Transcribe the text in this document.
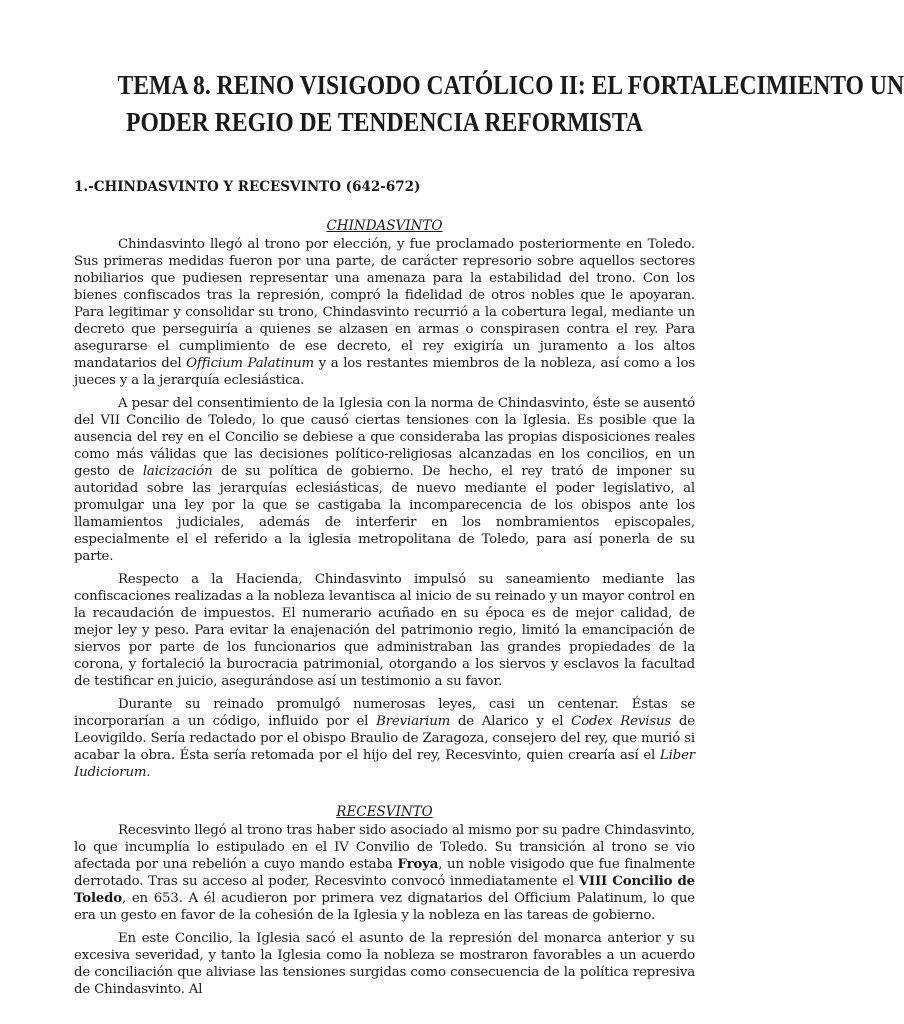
TEMA 8. REINO VISIGODO CATÓLICO II: EL FORTALECIMIENTO UN
PODER REGIO DE TENDENCIA REFORMISTA
1.-CHINDASVINTO Y RECESVINTO (642-672)
CHINDASVINTO

Chindasvinto llegó al trono por elección, y fue proclamado posteriormente en Toledo. Sus primeras medidas fueron por una parte, de carácter represorio sobre aquellos sectores nobiliarios que pudiesen representar una amenaza para la estabilidad del trono. Con los bienes confiscados tras la represión, compró la fidelidad de otros nobles que le apoyaran. Para legitimar y consolidar su trono, Chindasvinto recurrió a la cobertura legal, mediante un decreto que perseguiría a quienes se alzasen en armas o conspirasen contra el rey. Para asegurarse el cumplimiento de ese decreto, el rey exigiría un juramento a los altos mandatarios del Officium Palatinum y a los restantes miembros de la nobleza, así como a los jueces y a la jerarquía eclesiástica.

A pesar del consentimiento de la Iglesia con la norma de Chindasvinto, éste se ausentó del VII Concilio de Toledo, lo que causó ciertas tensiones con la Iglesia. Es posible que la ausencia del rey en el Concilio se debiese a que consideraba las propias disposiciones reales como más válidas que las decisiones político-religiosas alcanzadas en los concilios, en un gesto de laicización de su política de gobierno. De hecho, el rey trató de imponer su autoridad sobre las jerarquías eclesiásticas, de nuevo mediante el poder legislativo, al promulgar una ley por la que se castigaba la incomparecencia de los obispos ante los llamamientos judiciales, además de interferir en los nombramientos episcopales, especialmente el el referido a la iglesia metropolitana de Toledo, para así ponerla de su parte.

Respecto a la Hacienda, Chindasvinto impulsó su saneamiento mediante las confiscaciones realizadas a la nobleza levantisca al inicio de su reinado y un mayor control en la recaudación de impuestos. El numerario acuñado en su época es de mejor calidad, de mejor ley y peso. Para evitar la enajenación del patrimonio regio, limitó la emancipación de siervos por parte de los funcionarios que administraban las grandes propiedades de la corona, y fortaleció la burocracia patrimonial, otorgando a los siervos y esclavos la facultad de testificar en juicio, asegurándose así un testimonio a su favor.

Durante su reinado promulgó numerosas leyes, casi un centenar. Éstas se incorporarían a un código, influido por el Breviarium de Alarico y el Codex Revisus de Leovigildo. Sería redactado por el obispo Braulio de Zaragoza, consejero del rey, que murió si acabar la obra. Ésta sería retomada por el hijo del rey, Recesvinto, quien crearía así el Liber Iudiciorum.

RECESVINTO

Recesvinto llegó al trono tras haber sido asociado al mismo por su padre Chindasvinto, lo que incumplía lo estipulado en el IV Convilio de Toledo. Su transición al trono se vio afectada por una rebelión a cuyo mando estaba Froya, un noble visigodo que fue finalmente derrotado. Tras su acceso al poder, Recesvinto convocó inmediatamente el VIII Concilio de Toledo, en 653. A él acudieron por primera vez dignatarios del Officium Palatinum, lo que era un gesto en favor de la cohesión de la Iglesia y la nobleza en las tareas de gobierno.

En este Concilio, la Iglesia sacó el asunto de la represión del monarca anterior y su excesiva severidad, y tanto la Iglesia como la nobleza se mostraron favorables a un acuerdo de conciliación que aliviase las tensiones surgidas como consecuencia de la política represiva de Chindasvinto. Al
